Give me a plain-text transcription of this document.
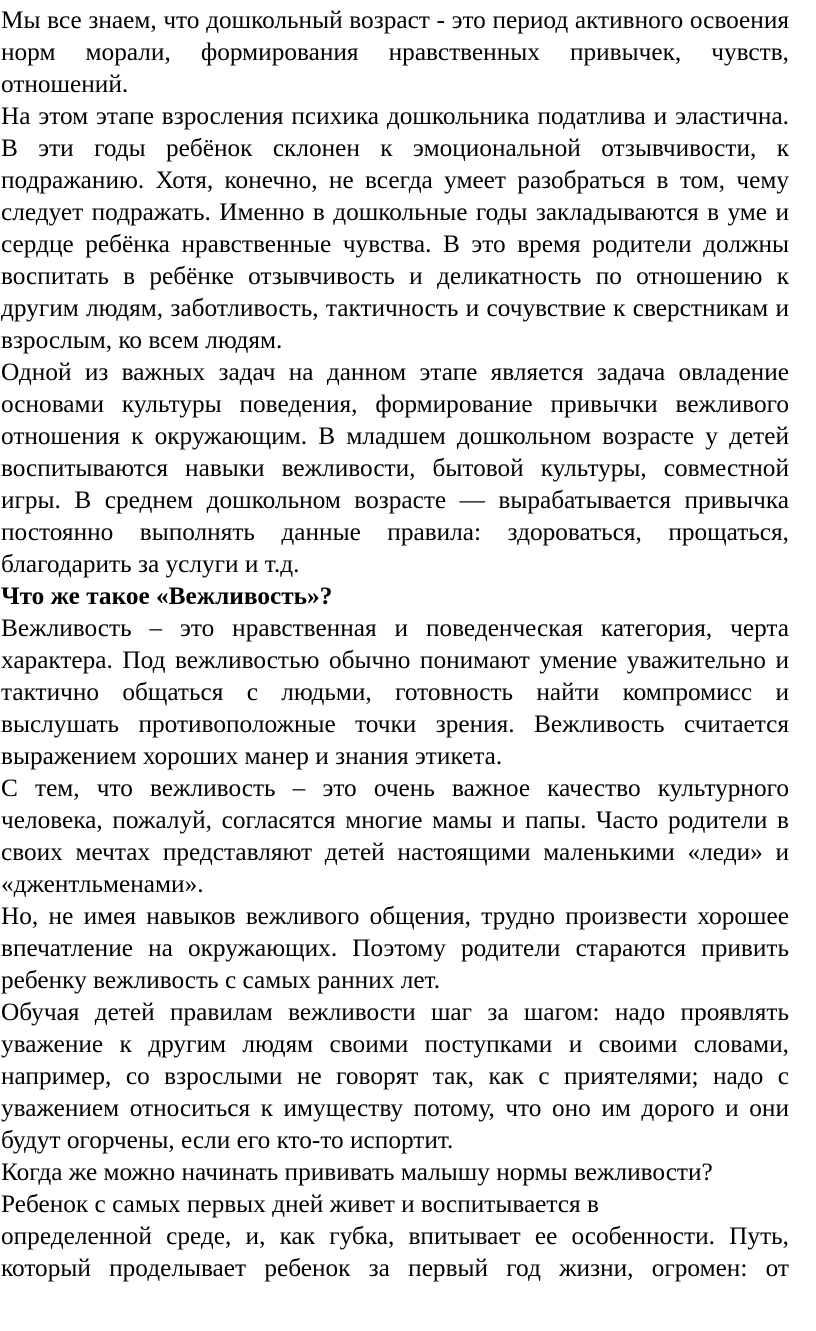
Мы все знаем, что дошкольный возраст - это период активного освоения норм морали, формирования нравственных привычек, чувств, отношений.

На этом этапе взросления психика дошкольника податлива и эластична. В эти годы ребёнок склонен к эмоциональной отзывчивости, к подражанию. Хотя, конечно, не всегда умеет разобраться в том, чему следует подражать. Именно в дошкольные годы закладываются в уме и сердце ребёнка нравственные чувства. В это время родители должны воспитать в ребёнке отзывчивость и деликатность по отношению к другим людям, заботливость, тактичность и сочувствие к сверстникам и взрослым, ко всем людям.

Одной из важных задач на данном этапе является задача овладение основами культуры поведения, формирование привычки вежливого отношения к окружающим. В младшем дошкольном возрасте у детей воспитываются навыки вежливости, бытовой культуры, совместной игры. В среднем дошкольном возрасте — вырабатывается привычка постоянно выполнять данные правила: здороваться, прощаться, благодарить за услуги и т.д.

Что же такое «Вежливость»?

Вежливость – это нравственная и поведенческая категория, черта характера. Под вежливостью обычно понимают умение уважительно и тактично общаться с людьми, готовность найти компромисс и выслушать противоположные точки зрения. Вежливость считается выражением хороших манер и знания этикета.

С тем, что вежливость – это очень важное качество культурного человека, пожалуй, согласятся многие мамы и папы. Часто родители в своих мечтах представляют детей настоящими маленькими «леди» и «джентльменами».

Но, не имея навыков вежливого общения, трудно произвести хорошее впечатление на окружающих. Поэтому родители стараются привить ребенку вежливость с самых ранних лет.

Обучая детей правилам вежливости шаг за шагом: надо проявлять уважение к другим людям своими поступками и своими словами, например, со взрослыми не говорят так, как с приятелями; надо с уважением относиться к имуществу потому, что оно им дорого и они будут огорчены, если его кто-то испортит.

Когда же можно начинать прививать малышу нормы вежливости?

Ребенок с самых первых дней живет и воспитывается в

определенной среде, и, как губка, впитывает ее особенности. Путь, который проделывает ребенок за первый год жизни, огромен: от
